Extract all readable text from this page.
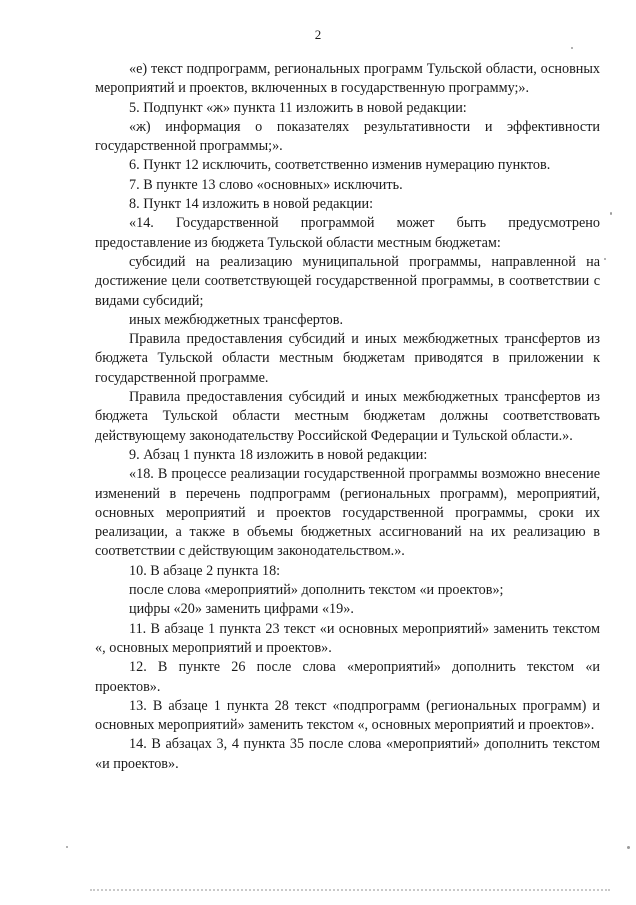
2

«е) текст подпрограмм, региональных программ Тульской области, основных мероприятий и проектов, включенных в государственную программу;».

5. Подпункт «ж» пункта 11 изложить в новой редакции:

«ж) информация о показателях результативности и эффективности государственной программы;».

6. Пункт 12 исключить, соответственно изменив нумерацию пунктов.

7. В пункте 13 слово «основных» исключить.

8. Пункт 14 изложить в новой редакции:

«14. Государственной программой может быть предусмотрено предоставление из бюджета Тульской области местным бюджетам:

субсидий на реализацию муниципальной программы, направленной на достижение цели соответствующей государственной программы, в соответствии с видами субсидий;

иных межбюджетных трансфертов.

Правила предоставления субсидий и иных межбюджетных трансфертов из бюджета Тульской области местным бюджетам приводятся в приложении к государственной программе.

Правила предоставления субсидий и иных межбюджетных трансфертов из бюджета Тульской области местным бюджетам должны соответствовать действующему законодательству Российской Федерации и Тульской области.».

9. Абзац 1 пункта 18 изложить в новой редакции:

«18. В процессе реализации государственной программы возможно внесение изменений в перечень подпрограмм (региональных программ), мероприятий, основных мероприятий и проектов государственной программы, сроки их реализации, а также в объемы бюджетных ассигнований на их реализацию в соответствии с действующим законодательством.».

10. В абзаце 2 пункта 18:

после слова «мероприятий» дополнить текстом «и проектов»;

цифры «20» заменить цифрами «19».

11. В абзаце 1 пункта 23 текст «и основных мероприятий» заменить текстом «, основных мероприятий и проектов».

12. В пункте 26 после слова «мероприятий» дополнить текстом «и проектов».

13. В абзаце 1 пункта 28 текст «подпрограмм (региональных программ) и основных мероприятий» заменить текстом «, основных мероприятий и проектов».

14. В абзацах 3, 4 пункта 35 после слова «мероприятий» дополнить текстом «и проектов».
